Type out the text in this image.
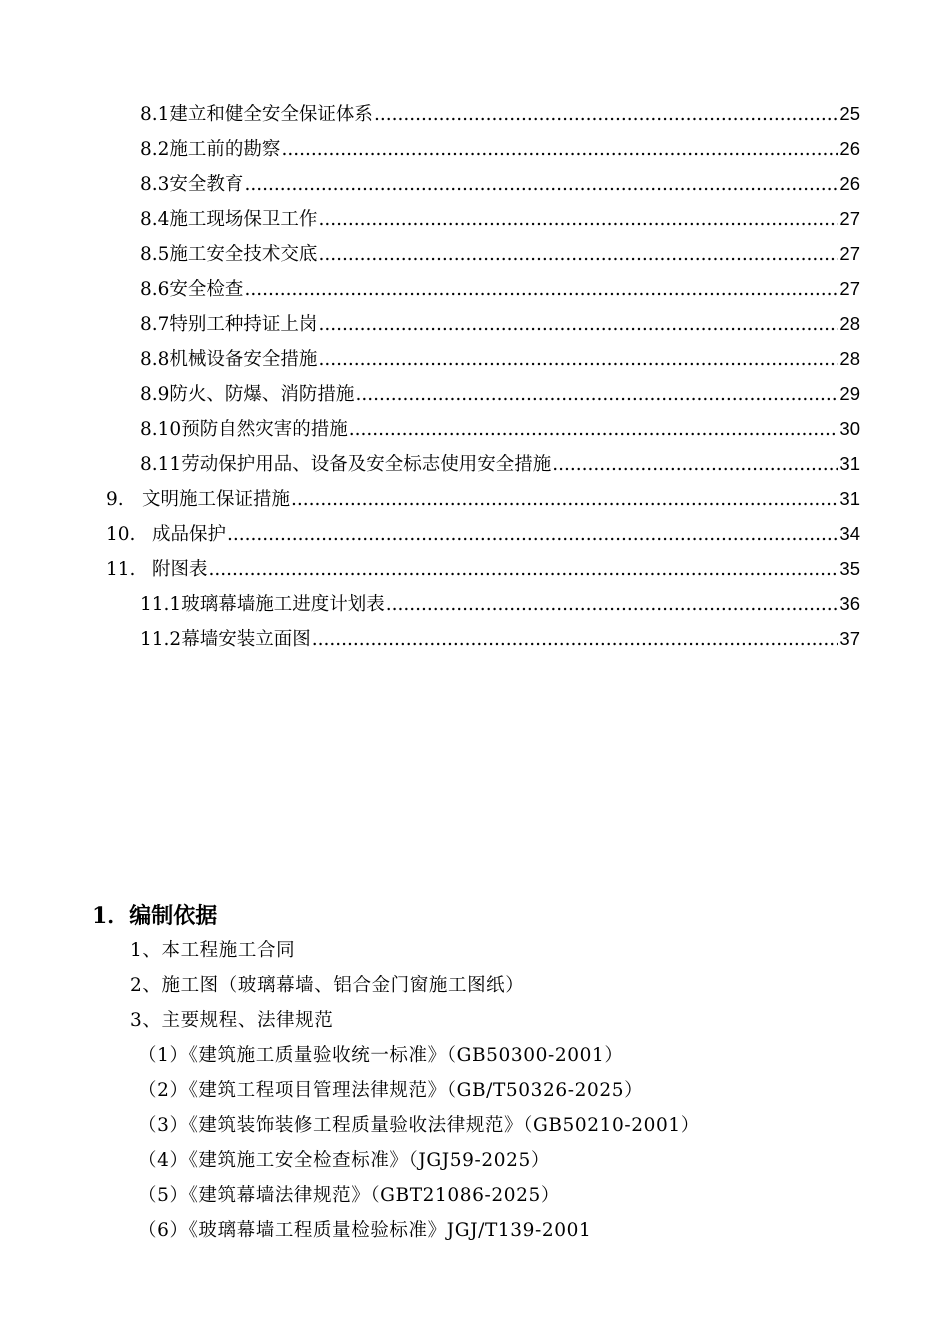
8.1 建立和健全安全保证体系 .....	25
8.2 施工前的勘察 .....	26
8.3 安全教育 .....	26
8.4 施工现场保卫工作 .....	27
8.5 施工安全技术交底 .....	27
8.6 安全检查 .....	27
8.7 特别工种持证上岗 .....	28
8.8 机械设备安全措施 .....	28
8.9 防火、防爆、消防措施 .....	29
8.10 预防自然灾害的措施 .....	30
8.11 劳动保护用品、设备及安全标志使用安全措施 .....	31
9. 文明施工保证措施 .....	31
10. 成品保护 .....	34
11. 附图表 .....	35
11.1 玻璃幕墙施工进度计划表 .....	36
11.2 幕墙安装立面图 .....	37
1．编制依据
1、本工程施工合同
2、施工图（玻璃幕墙、铝合金门窗施工图纸）
3、主要规程、法律规范
（1）《建筑施工质量验收统一标准》（GB50300-2001）
（2）《建筑工程项目管理法律规范》（GB/T50326-2025）
（3）《建筑装饰装修工程质量验收法律规范》（GB50210-2001）
（4）《建筑施工安全检查标准》（JGJ59-2025）
（5）《建筑幕墙法律规范》（GBT21086-2025）
（6）《玻璃幕墙工程质量检验标准》JGJ/T139-2001
